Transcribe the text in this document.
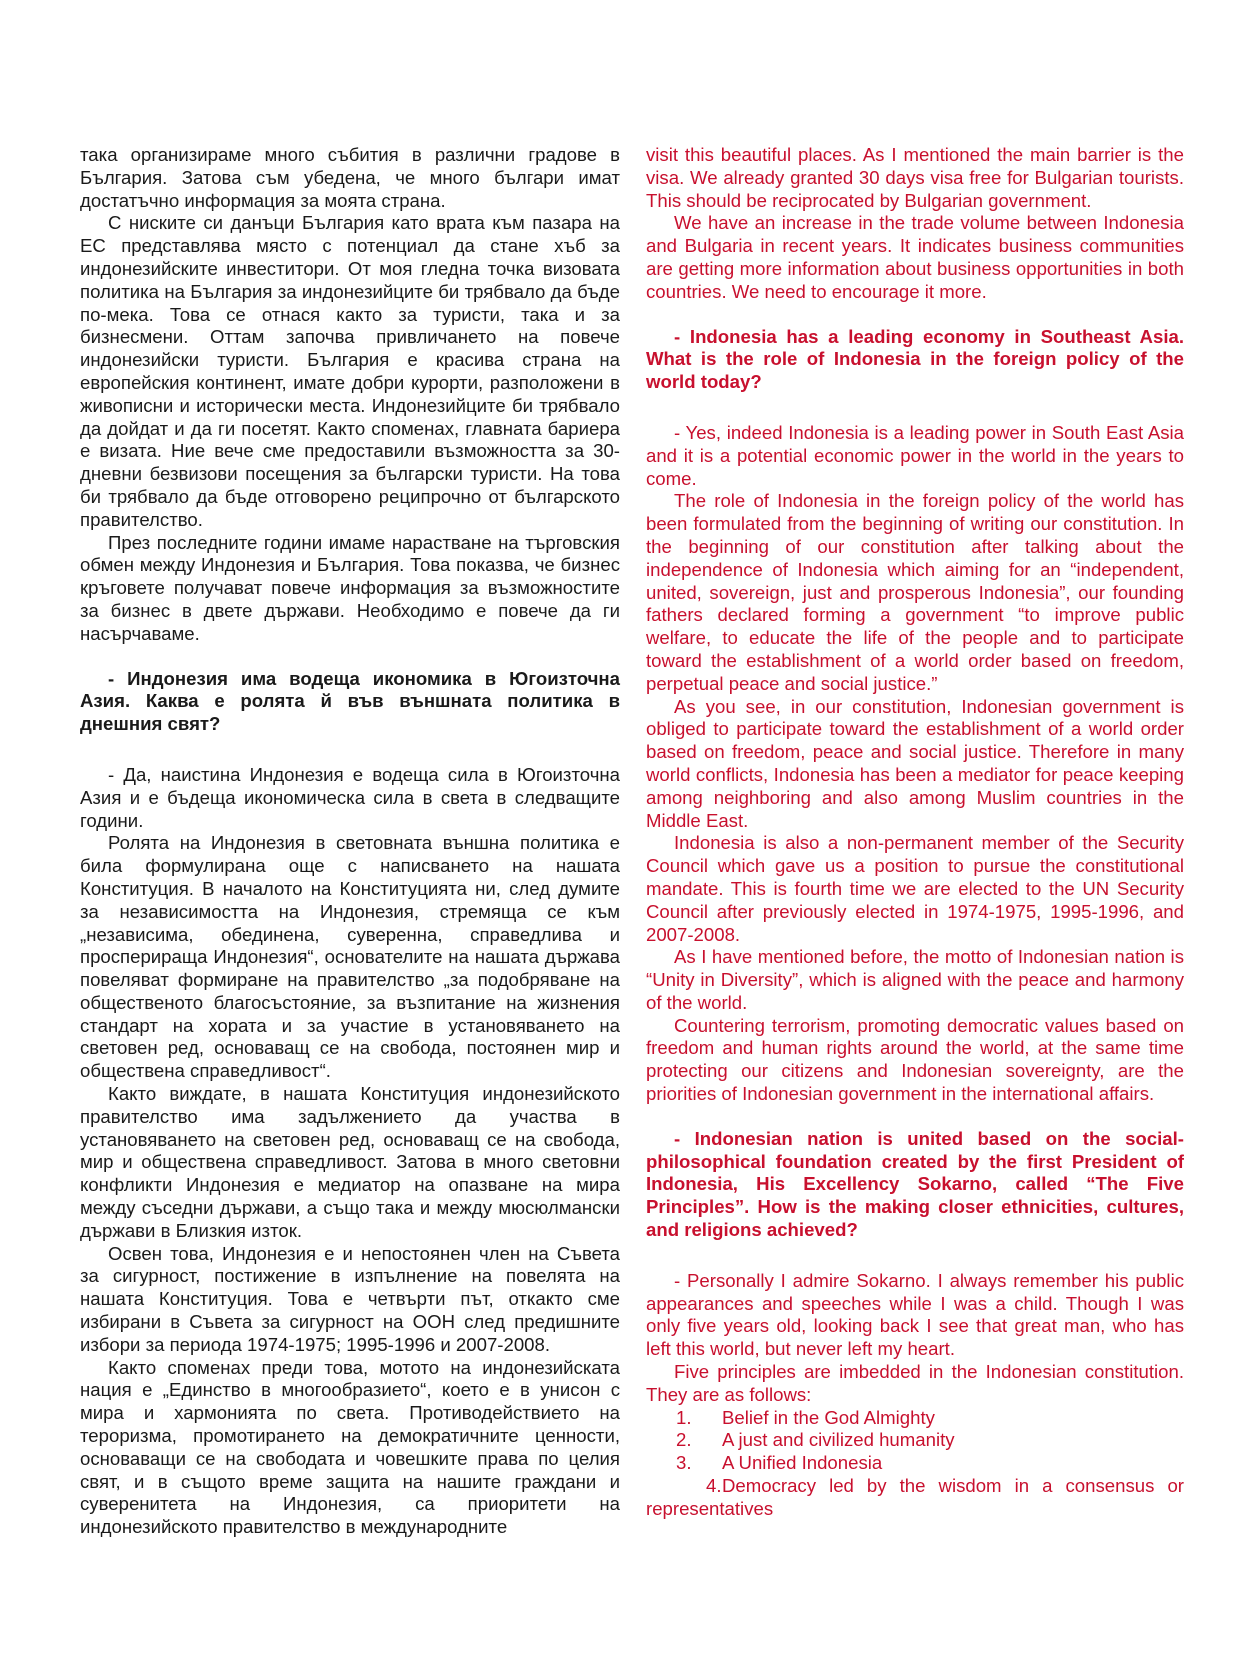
така организираме много събития в различни градове в България. Затова съм убедена, че много българи имат достатъчно информация за моята страна.

С ниските си данъци България като врата към пазара на ЕС представлява място с потенциал да стане хъб за индонезийските инвеститори. От моя гледна точка визовата политика на България за индонезийците би трябвало да бъде по-мека. Това се отнася както за туристи, така и за бизнесмени. Оттам започва привличането на повече индонезийски туристи. България е красива страна на европейския континент, имате добри курорти, разположени в живописни и исторически места. Индонезийците би трябвало да дойдат и да ги посетят. Както споменах, главната бариера е визата. Ние вече сме предоставили възможността за 30-дневни безвизови посещения за български туристи. На това би трябвало да бъде отговорено реципрочно от българското правителство.

През последните години имаме нарастване на търговския обмен между Индонезия и България. Това показва, че бизнес кръговете получават повече информация за възможностите за бизнес в двете държави. Необходимо е повече да ги насърчаваме.

- Индонезия има водеща икономика в Югоизточна Азия. Каква е ролята й във външната политика в днешния свят?

- Да, наистина Индонезия е водеща сила в Югоизточна Азия и е бъдеща икономическа сила в света в следващите години.

Ролята на Индонезия в световната външна политика е била формулирана още с написването на нашата Конституция. В началото на Конституцията ни, след думите за независимостта на Индонезия, стремяща се към „независима, обединена, суверенна, справедлива и просперираща Индонезия“, основателите на нашата държава повеляват формиране на правителство „за подобряване на общественото благосъстояние, за възпитание на жизнения стандарт на хората и за участие в установяването на световен ред, основаващ се на свобода, постоянен мир и обществена справедливост“.

Както виждате, в нашата Конституция индонезийското правителство има задължението да участва в установяването на световен ред, основаващ се на свобода, мир и обществена справедливост. Затова в много световни конфликти Индонезия е медиатор на опазване на мира между съседни държави, а също така и между мюсюлмански държави в Близкия изток.

Освен това, Индонезия е и непостоянен член на Съвета за сигурност, постижение в изпълнение на повелята на нашата Конституция. Това е четвърти път, откакто сме избирани в Съвета за сигурност на ООН след предишните избори за периода 1974-1975; 1995-1996 и 2007-2008.

Както споменах преди това, мотото на индонезийската нация е „Единство в многообразието“, което е в унисон с мира и хармонията по света. Противодействието на тероризма, промотирането на демократичните ценности, основаващи се на свободата и човешките права по целия свят, и в същото време защита на нашите граждани и суверенитета на Индонезия, са приоритети на индонезийското правителство в международните

visit this beautiful places. As I mentioned the main barrier is the visa. We already granted 30 days visa free for Bulgarian tourists. This should be reciprocated by Bulgarian government.

We have an increase in the trade volume between Indonesia and Bulgaria in recent years. It indicates business communities are getting more information about business opportunities in both countries. We need to encourage it more.

- Indonesia has a leading economy in Southeast Asia. What is the role of Indonesia in the foreign policy of the world today?

- Yes, indeed Indonesia is a leading power in South East Asia and it is a potential economic power in the world in the years to come.

The role of Indonesia in the foreign policy of the world has been formulated from the beginning of writing our constitution. In the beginning of our constitution after talking about the independence of Indonesia which aiming for an “independent, united, sovereign, just and prosperous Indonesia”, our founding fathers declared forming a government “to improve public welfare, to educate the life of the people and to participate toward the establishment of a world order based on freedom, perpetual peace and social justice.”

As you see, in our constitution, Indonesian government is obliged to participate toward the establishment of a world order based on freedom, peace and social justice. Therefore in many world conflicts, Indonesia has been a mediator for peace keeping among neighboring and also among Muslim countries in the Middle East.

Indonesia is also a non-permanent member of the Security Council which gave us a position to pursue the constitutional mandate. This is fourth time we are elected to the UN Security Council after previously elected in 1974-1975, 1995-1996, and 2007-2008.

As I have mentioned before, the motto of Indonesian nation is “Unity in Diversity”, which is aligned with the peace and harmony of the world.

Countering terrorism, promoting democratic values based on freedom and human rights around the world, at the same time protecting our citizens and Indonesian sovereignty, are the priorities of Indonesian government in the international affairs.

- Indonesian nation is united based on the social-philosophical foundation created by the first President of Indonesia, His Excellency Sokarno, called “The Five Principles”. How is the making closer ethnicities, cultures, and religions achieved?

- Personally I admire Sokarno. I always remember his public appearances and speeches while I was a child. Though I was only five years old, looking back I see that great man, who has left this world, but never left my heart.

Five principles are imbedded in the Indonesian constitution. They are as follows:

1. Belief in the God Almighty
2. A just and civilized humanity
3. A Unified Indonesia
4.Democracy led by the wisdom in a consensus or representatives
